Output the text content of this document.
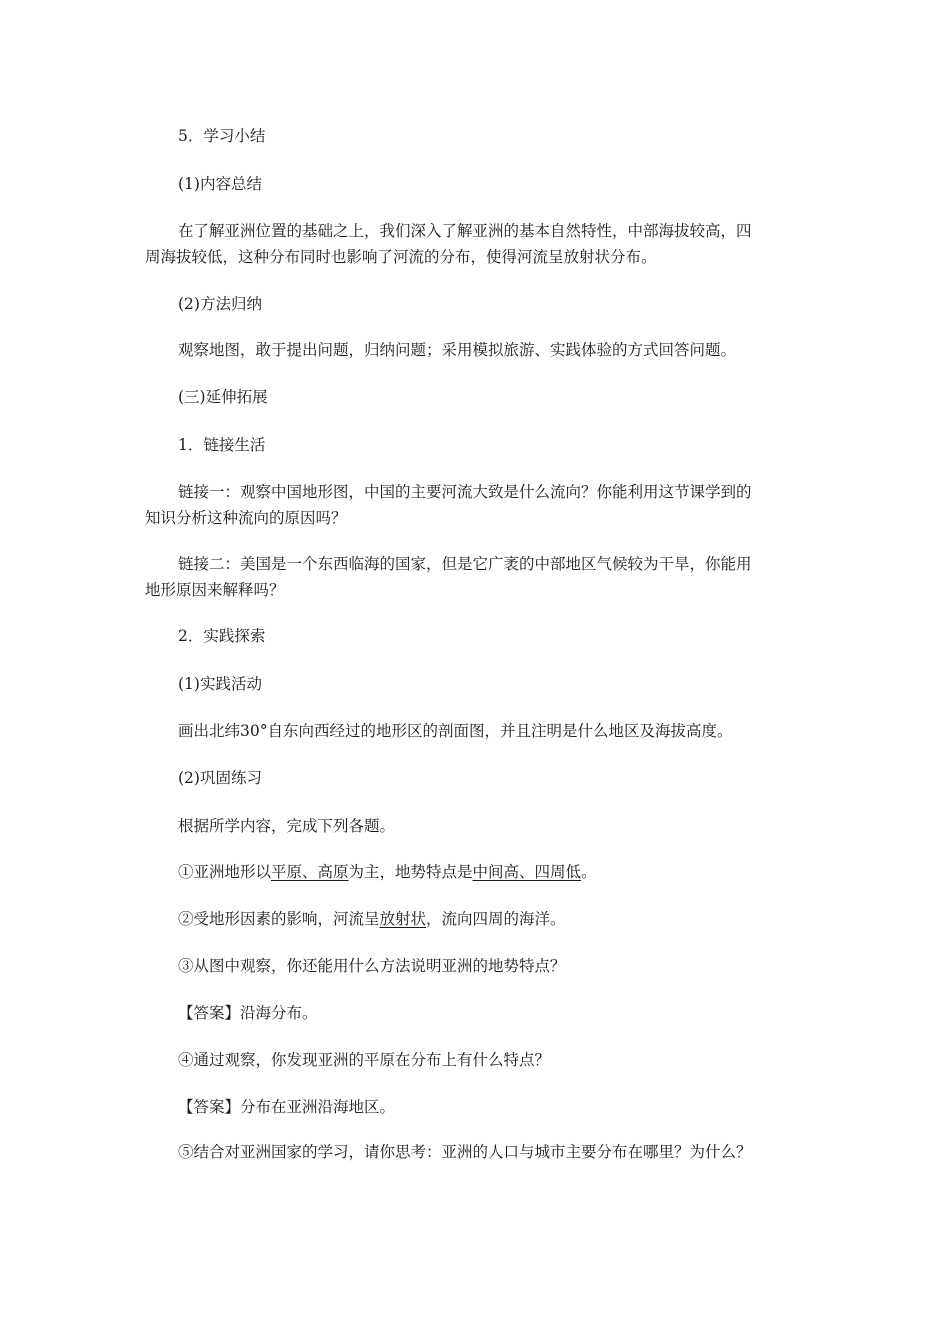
5．学习小结
(1)内容总结
在了解亚洲位置的基础之上，我们深入了解亚洲的基本自然特性，中部海拔较高，四
周海拔较低，这种分布同时也影响了河流的分布，使得河流呈放射状分布。
(2)方法归纳
观察地图，敢于提出问题，归纳问题；采用模拟旅游、实践体验的方式回答问题。
(三)延伸拓展
1．链接生活
链接一：观察中国地形图，中国的主要河流大致是什么流向？你能利用这节课学到的
知识分析这种流向的原因吗？
链接二：美国是一个东西临海的国家，但是它广袤的中部地区气候较为干旱，你能用
地形原因来解释吗？
2．实践探索
(1)实践活动
画出北纬30°自东向西经过的地形区的剖面图，并且注明是什么地区及海拔高度。
(2)巩固练习
根据所学内容，完成下列各题。
①亚洲地形以平原、高原为主，地势特点是中间高、四周低。
②受地形因素的影响，河流呈放射状，流向四周的海洋。
③从图中观察，你还能用什么方法说明亚洲的地势特点？
【答案】沿海分布。
④通过观察，你发现亚洲的平原在分布上有什么特点？
【答案】分布在亚洲沿海地区。
⑤结合对亚洲国家的学习，请你思考：亚洲的人口与城市主要分布在哪里？为什么？
